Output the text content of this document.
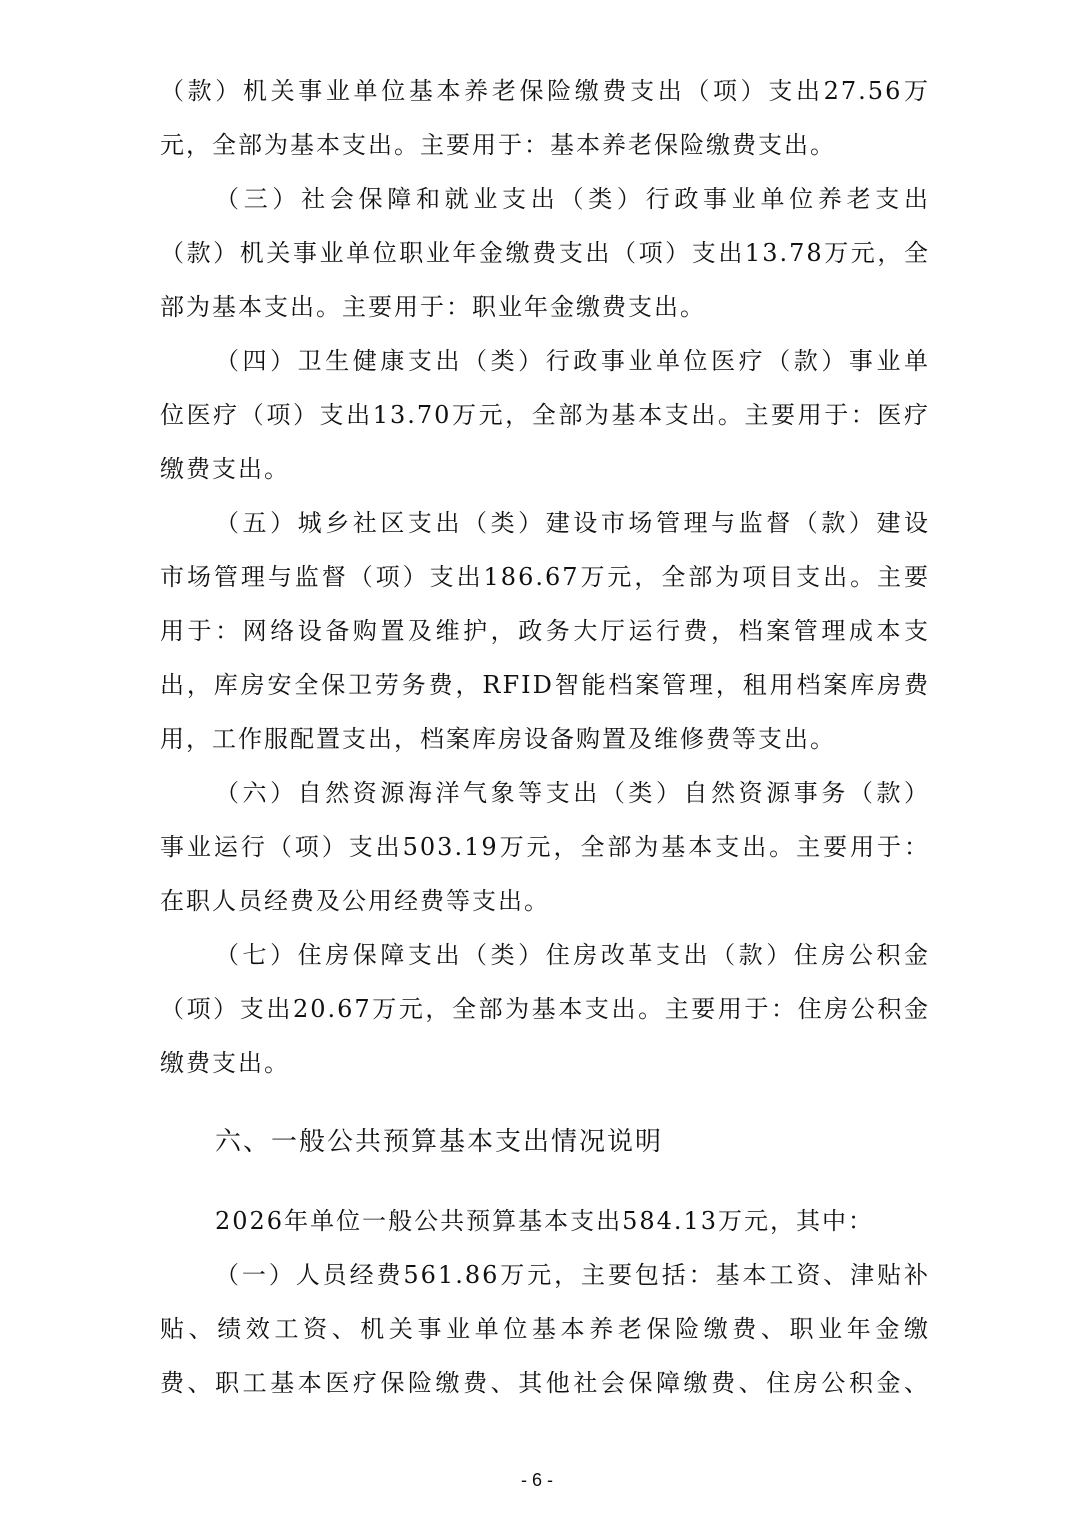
（款）机关事业单位基本养老保险缴费支出（项）支出27.56万
元，全部为基本支出。主要用于：基本养老保险缴费支出。
（三）社会保障和就业支出（类）行政事业单位养老支出
（款）机关事业单位职业年金缴费支出（项）支出13.78万元，全
部为基本支出。主要用于：职业年金缴费支出。
（四）卫生健康支出（类）行政事业单位医疗（款）事业单
位医疗（项）支出13.70万元，全部为基本支出。主要用于：医疗
缴费支出。
（五）城乡社区支出（类）建设市场管理与监督（款）建设
市场管理与监督（项）支出186.67万元，全部为项目支出。主要
用于：网络设备购置及维护，政务大厅运行费，档案管理成本支
出，库房安全保卫劳务费，RFID智能档案管理，租用档案库房费
用，工作服配置支出，档案库房设备购置及维修费等支出。
（六）自然资源海洋气象等支出（类）自然资源事务（款）
事业运行（项）支出503.19万元，全部为基本支出。主要用于：
在职人员经费及公用经费等支出。
（七）住房保障支出（类）住房改革支出（款）住房公积金
（项）支出20.67万元，全部为基本支出。主要用于：住房公积金
缴费支出。
六、一般公共预算基本支出情况说明
2026年单位一般公共预算基本支出584.13万元，其中：
（一）人员经费561.86万元，主要包括：基本工资、津贴补
贴、绩效工资、机关事业单位基本养老保险缴费、职业年金缴
费、职工基本医疗保险缴费、其他社会保障缴费、住房公积金、
- 6 -
